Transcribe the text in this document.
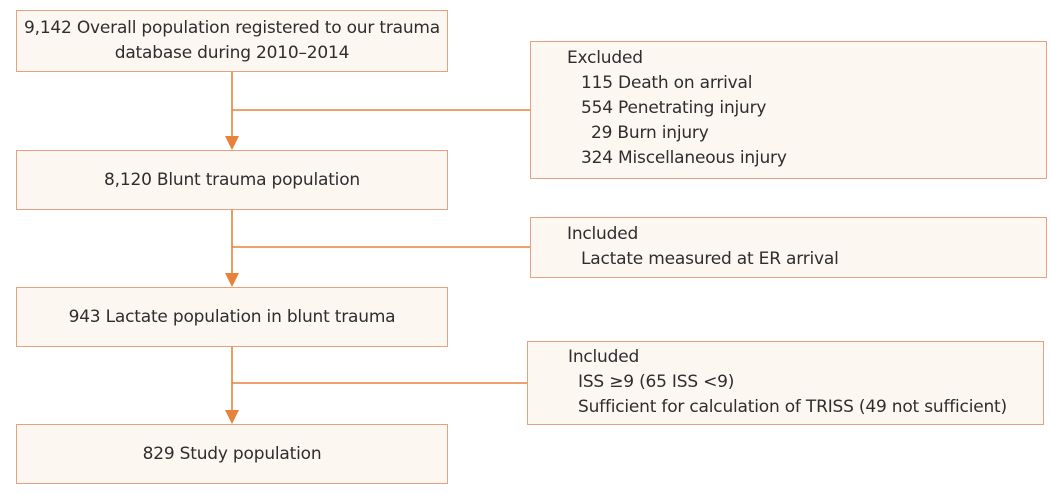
9,142 Overall population registered to our trauma
database during 2010–2014
8,120 Blunt trauma population
943 Lactate population in blunt trauma
829 Study population
Excluded
115 Death on arrival
554 Penetrating injury
29 Burn injury
324 Miscellaneous injury
Included
Lactate measured at ER arrival
Included
ISS ≥9 (65 ISS <9)
Sufficient for calculation of TRISS (49 not sufficient)
